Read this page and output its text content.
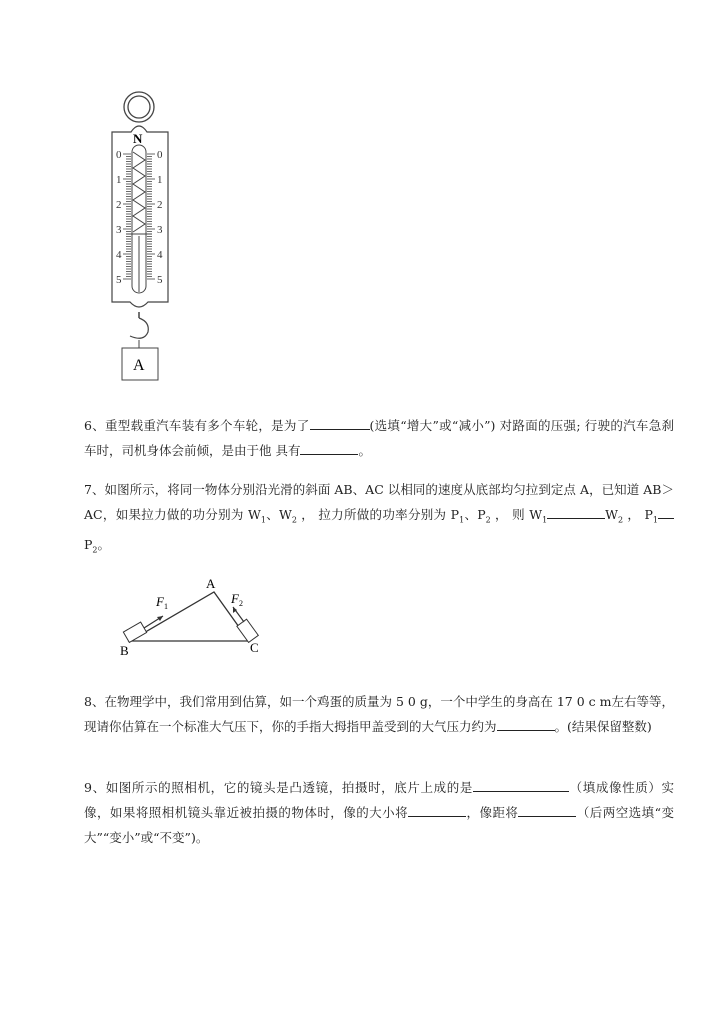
N
0	0
1	1
2	2
3	3
4	4
5	5
A

6、重型载重汽车装有多个车轮，是为了	(选填“增大”或“减小”) 对路面的压强; 行驶的汽车急刹车时，司机身体会前倾，是由于他 具有	。

7、如图所示，将同一物体分别沿光滑的斜面 AB、AC 以相同的速度从底部均匀拉到定点 A，已知道 AB＞AC，如果拉力做的功分别为 $W_1$、$W_2$ ， 拉力所做的功率分别为 $P_1$、$P_2$ ， 则 $W_1$	$W_2$ ， $P_1$ $P_2$。

A
B	C
F 1
F 2

8、在物理学中，我们常用到估算，如一个鸡蛋的质量为 5 0 g，一个中学生的身高在 17 0 c m左右等等，现请你估算在一个标准大气压下，你的手指大拇指甲盖受到的大气压力约为	。(结果保留整数)

9、如图所示的照相机，它的镜头是凸透镜，拍摄时，底片上成的是	（填成像性质）实像，如果将照相机镜头靠近被拍摄的物体时，像的大小将	，像距将	（后两空选填“变大”“变小”或“不变”)。
